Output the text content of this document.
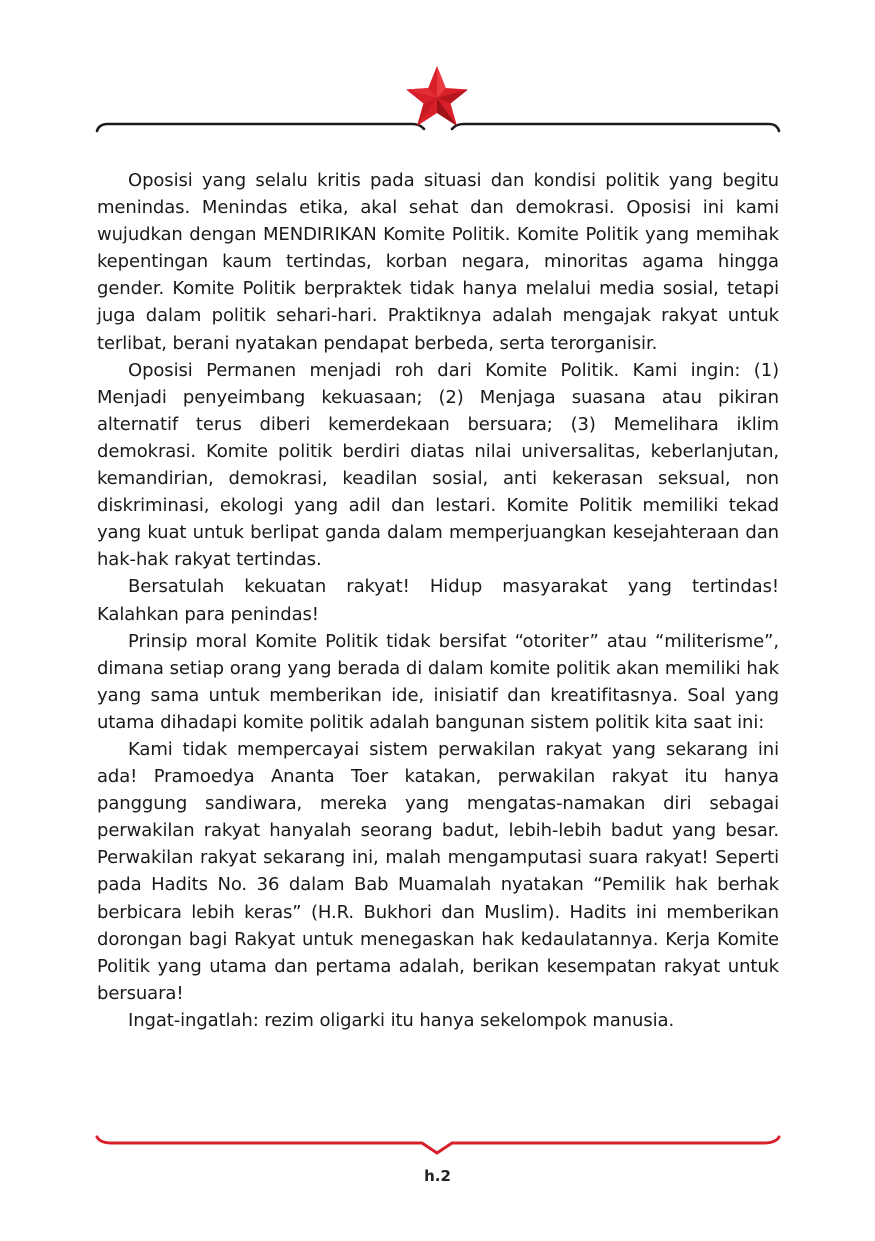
Oposisi yang selalu kritis pada situasi dan kondisi politik yang begitu menindas. Menindas etika, akal sehat dan demokrasi. Oposisi ini kami wujudkan dengan MENDIRIKAN Komite Politik. Komite Politik yang memihak kepentingan kaum tertindas, korban negara, minoritas agama hingga gender. Komite Politik berpraktek tidak hanya melalui media sosial, tetapi juga dalam politik sehari-hari. Praktiknya adalah mengajak rakyat untuk terlibat, berani nyatakan pendapat berbeda, serta terorganisir.

Oposisi Permanen menjadi roh dari Komite Politik. Kami ingin: (1) Menjadi penyeimbang kekuasaan; (2) Menjaga suasana atau pikiran alternatif terus diberi kemerdekaan bersuara; (3) Memelihara iklim demokrasi. Komite politik berdiri diatas nilai universalitas, keberlanjutan, kemandirian, demokrasi, keadilan sosial, anti kekerasan seksual, non diskriminasi, ekologi yang adil dan lestari. Komite Politik memiliki tekad yang kuat untuk berlipat ganda dalam memperjuangkan kesejahteraan dan hak-hak rakyat tertindas.

Bersatulah kekuatan rakyat! Hidup masyarakat yang tertindas! Kalahkan para penindas!

Prinsip moral Komite Politik tidak bersifat “otoriter” atau “militerisme”, dimana setiap orang yang berada di dalam komite politik akan memiliki hak yang sama untuk memberikan ide, inisiatif dan kreatifitasnya. Soal yang utama dihadapi komite politik adalah bangunan sistem politik kita saat ini:

Kami tidak mempercayai sistem perwakilan rakyat yang sekarang ini ada! Pramoedya Ananta Toer katakan, perwakilan rakyat itu hanya panggung sandiwara, mereka yang mengatas-namakan diri sebagai perwakilan rakyat hanyalah seorang badut, lebih-lebih badut yang besar. Perwakilan rakyat sekarang ini, malah mengamputasi suara rakyat! Seperti pada Hadits No. 36 dalam Bab Muamalah nyatakan “Pemilik hak berhak berbicara lebih keras” (H.R. Bukhori dan Muslim). Hadits ini memberikan dorongan bagi Rakyat untuk menegaskan hak kedaulatannya. Kerja Komite Politik yang utama dan pertama adalah, berikan kesempatan rakyat untuk bersuara!

Ingat-ingatlah: rezim oligarki itu hanya sekelompok manusia.

h.2
